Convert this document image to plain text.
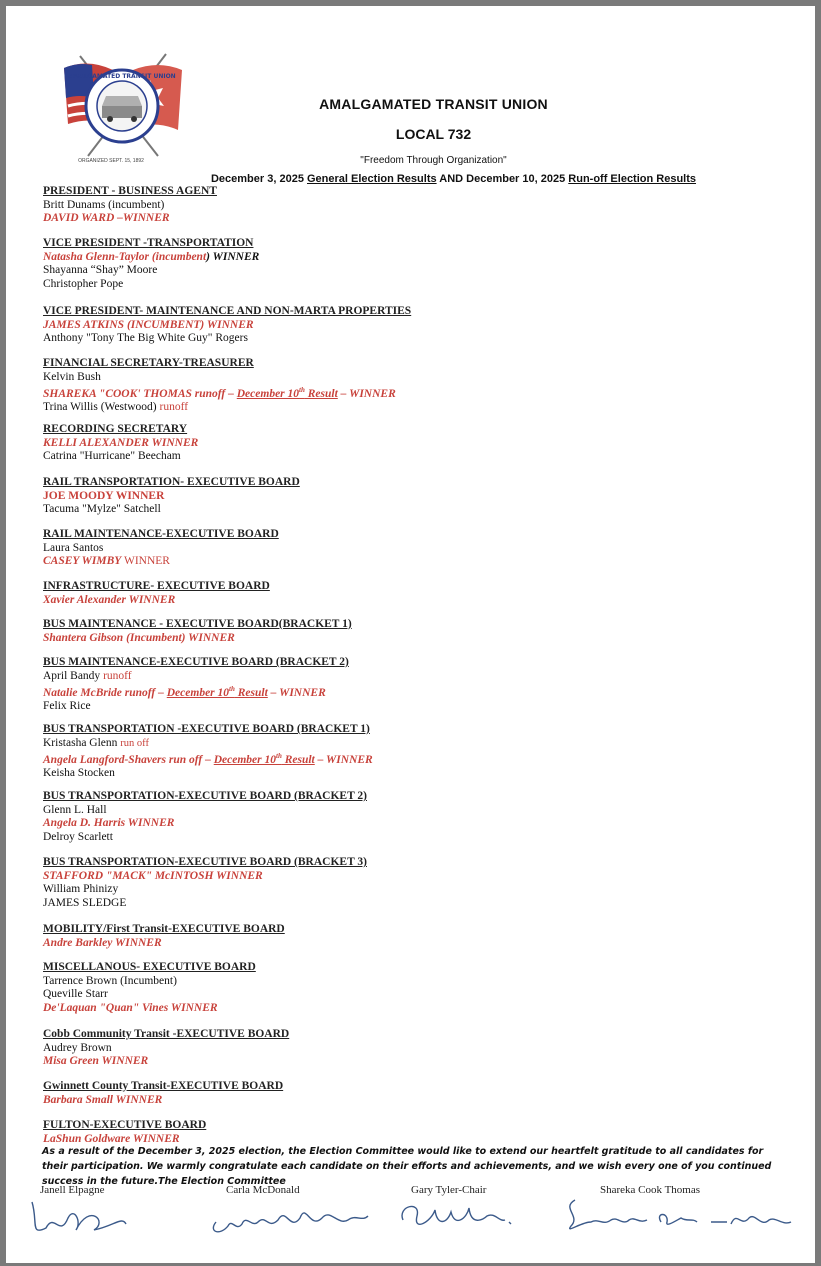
AMALGAMATED TRANSIT UNION
ORGANIZED SEPT. 15, 1892
AMALGAMATED TRANSIT UNION
LOCAL 732
"Freedom Through Organization"
December 3, 2025 General Election Results AND December 10, 2025 Run-off Election Results
PRESIDENT - BUSINESS AGENT
Britt Dunams (incumbent)
DAVID WARD –WINNER
VICE PRESIDENT -TRANSPORTATION
Natasha Glenn-Taylor (incumbent) WINNER
Shayanna “Shay” Moore
Christopher Pope
VICE PRESIDENT- MAINTENANCE AND NON-MARTA PROPERTIES
JAMES ATKINS (INCUMBENT) WINNER
Anthony "Tony The Big White Guy" Rogers
FINANCIAL SECRETARY-TREASURER
Kelvin Bush
SHAREKA "COOK' THOMAS runoff – December 10th Result – WINNER
Trina Willis (Westwood) runoff
RECORDING SECRETARY
KELLI ALEXANDER WINNER
Catrina "Hurricane" Beecham
RAIL TRANSPORTATION- EXECUTIVE BOARD
JOE MOODY WINNER
Tacuma "Mylze" Satchell
RAIL MAINTENANCE-EXECUTIVE BOARD
Laura Santos
CASEY WIMBY WINNER
INFRASTRUCTURE- EXECUTIVE BOARD
Xavier Alexander WINNER
BUS MAINTENANCE - EXECUTIVE BOARD(BRACKET 1)
Shantera Gibson (Incumbent) WINNER
BUS MAINTENANCE-EXECUTIVE BOARD (BRACKET 2)
April Bandy runoff
Natalie McBride runoff – December 10th Result – WINNER
Felix Rice
BUS TRANSPORTATION -EXECUTIVE BOARD (BRACKET 1)
Kristasha Glenn run off
Angela Langford-Shavers run off – December 10th Result – WINNER
Keisha Stocken
BUS TRANSPORTATION-EXECUTIVE BOARD (BRACKET 2)
Glenn L. Hall
Angela D. Harris WINNER
Delroy Scarlett
BUS TRANSPORTATION-EXECUTIVE BOARD (BRACKET 3)
STAFFORD "MACK" McINTOSH WINNER
William Phinizy
JAMES SLEDGE
MOBILITY/First Transit-EXECUTIVE BOARD
Andre Barkley WINNER
MISCELLANOUS- EXECUTIVE BOARD
Tarrence Brown (Incumbent)
Queville Starr
De'Laquan "Quan" Vines WINNER
Cobb Community Transit -EXECUTIVE BOARD
Audrey Brown
Misa Green WINNER
Gwinnett County Transit-EXECUTIVE BOARD
Barbara Small WINNER
FULTON-EXECUTIVE BOARD
LaShun Goldware WINNER
As a result of the December 3, 2025 election, the Election Committee would like to extend our heartfelt gratitude to all candidates for their participation. We warmly congratulate each candidate on their efforts and achievements, and we wish every one of you continued success in the future.The Election Committee
Janell Elpagne	Carla McDonald	Gary Tyler-Chair	Shareka Cook Thomas
